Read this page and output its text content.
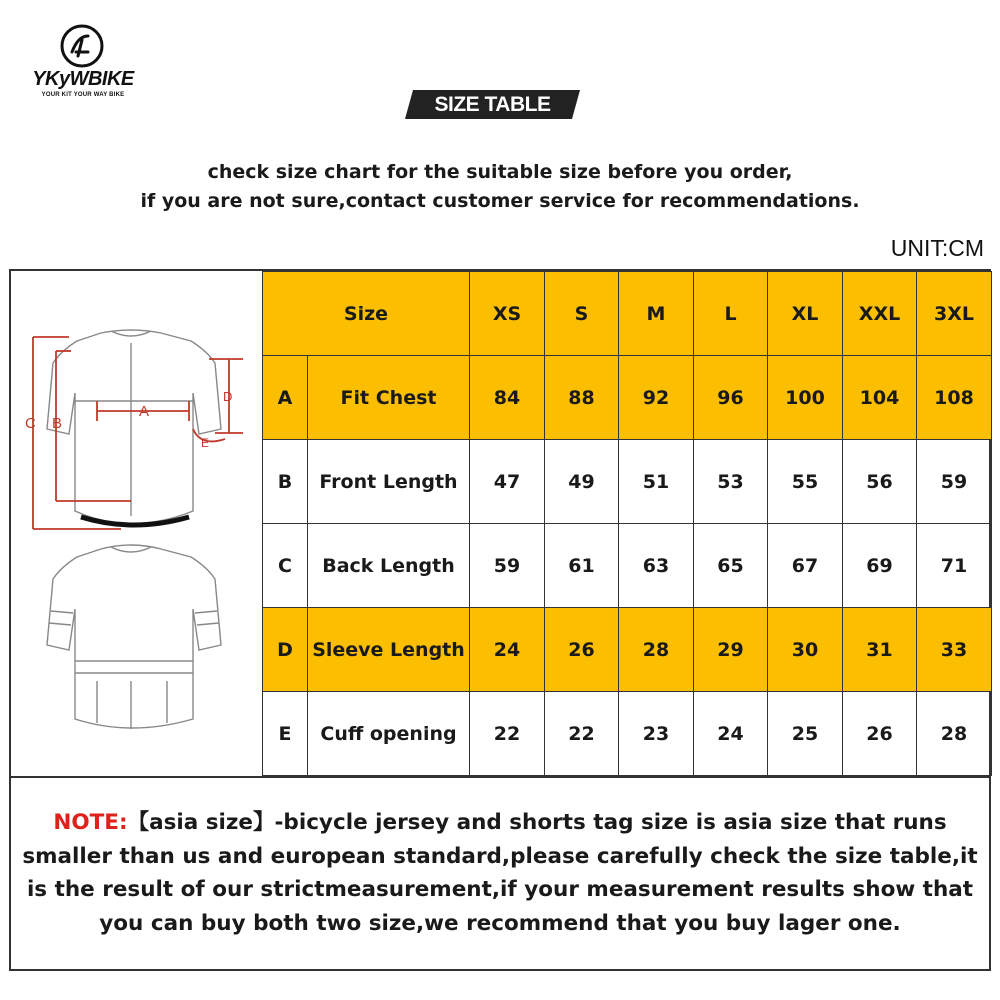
YKyWBIKE
YOUR KIT YOUR WAY BIKE	SIZE TABLE
check size chart for the suitable size before you order,
if you are not sure,contact customer service for recommendations.
UNIT:CM
C B
A
D
E
Size		XS	S	M	L	XL	XXL	3XL
A	Fit Chest	84	88	92	96	100	104	108
B	Front Length	47	49	51	53	55	56	59
C	Back Length	59	61	63	65	67	69	71
D	Sleeve Length	24	26	28	29	30	31	33
E	Cuff opening	22	22	23	24	25	26	28
NOTE:【asia size】-bicycle jersey and shorts tag size is asia size that runs smaller than us and european standard,please carefully check the size table,it is the result of our strictmeasurement,if your measurement results show that you can buy both two size,we recommend that you buy lager one.
